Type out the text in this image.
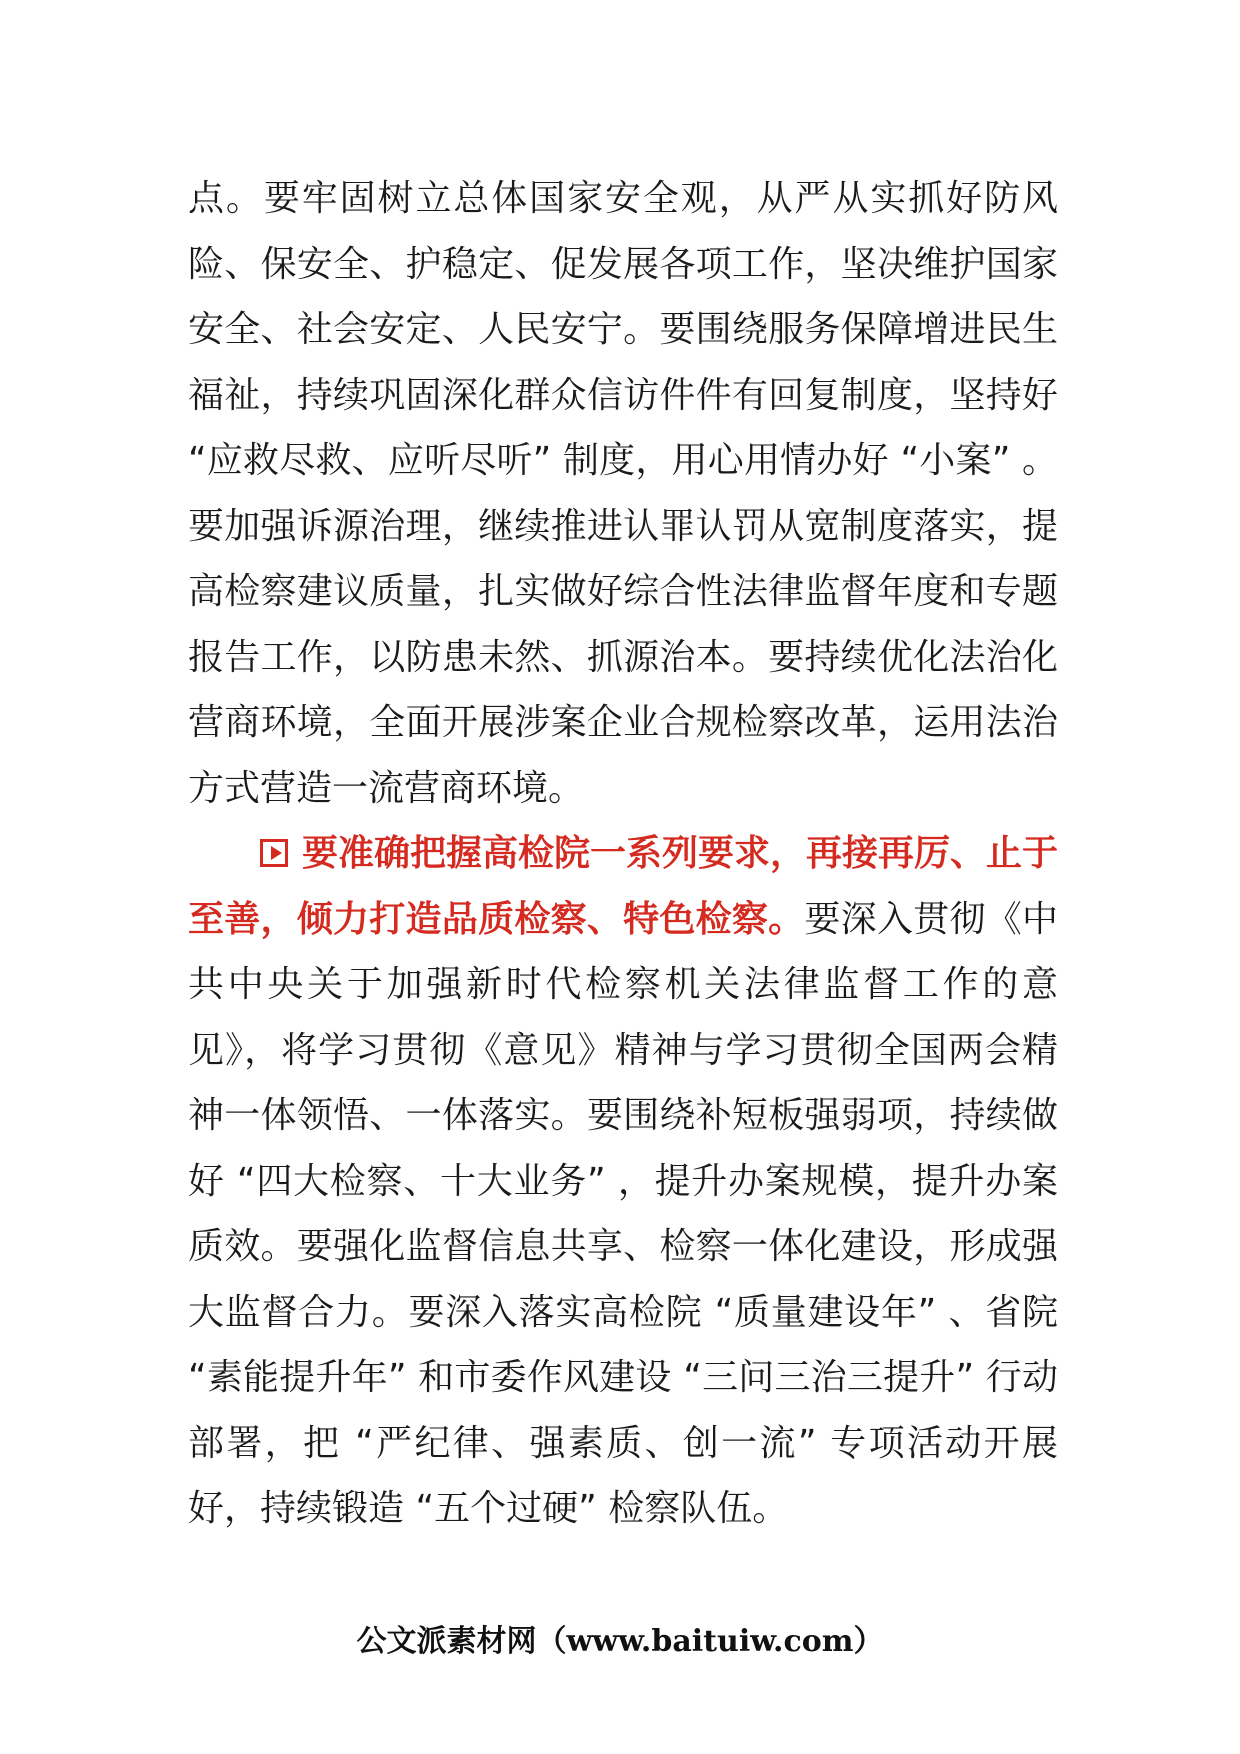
点。要牢固树立总体国家安全观，从严从实抓好防风险、保安全、护稳定、促发展各项工作，坚决维护国家安全、社会安定、人民安宁。要围绕服务保障增进民生福祉，持续巩固深化群众信访件件有回复制度，坚持好 “应救尽救、应听尽听” 制度，用心用情办好 “小案” 。要加强诉源治理，继续推进认罪认罚从宽制度落实，提高检察建议质量，扎实做好综合性法律监督年度和专题报告工作，以防患未然、抓源治本。要持续优化法治化营商环境，全面开展涉案企业合规检察改革，运用法治方式营造一流营商环境。

要准确把握高检院一系列要求，再接再厉、止于至善，倾力打造品质检察、特色检察。要深入贯彻《中共中央关于加强新时代检察机关法律监督工作的意见》，将学习贯彻《意见》精神与学习贯彻全国两会精神一体领悟、一体落实。要围绕补短板强弱项，持续做好 “四大检察、十大业务” ，提升办案规模，提升办案质效。要强化监督信息共享、检察一体化建设，形成强大监督合力。要深入落实高检院 “质量建设年” 、省院 “素能提升年” 和市委作风建设 “三问三治三提升” 行动部署，把 “严纪律、强素质、创一流” 专项活动开展好，持续锻造 “五个过硬” 检察队伍。

公文派素材网（www.baituiw.com）
